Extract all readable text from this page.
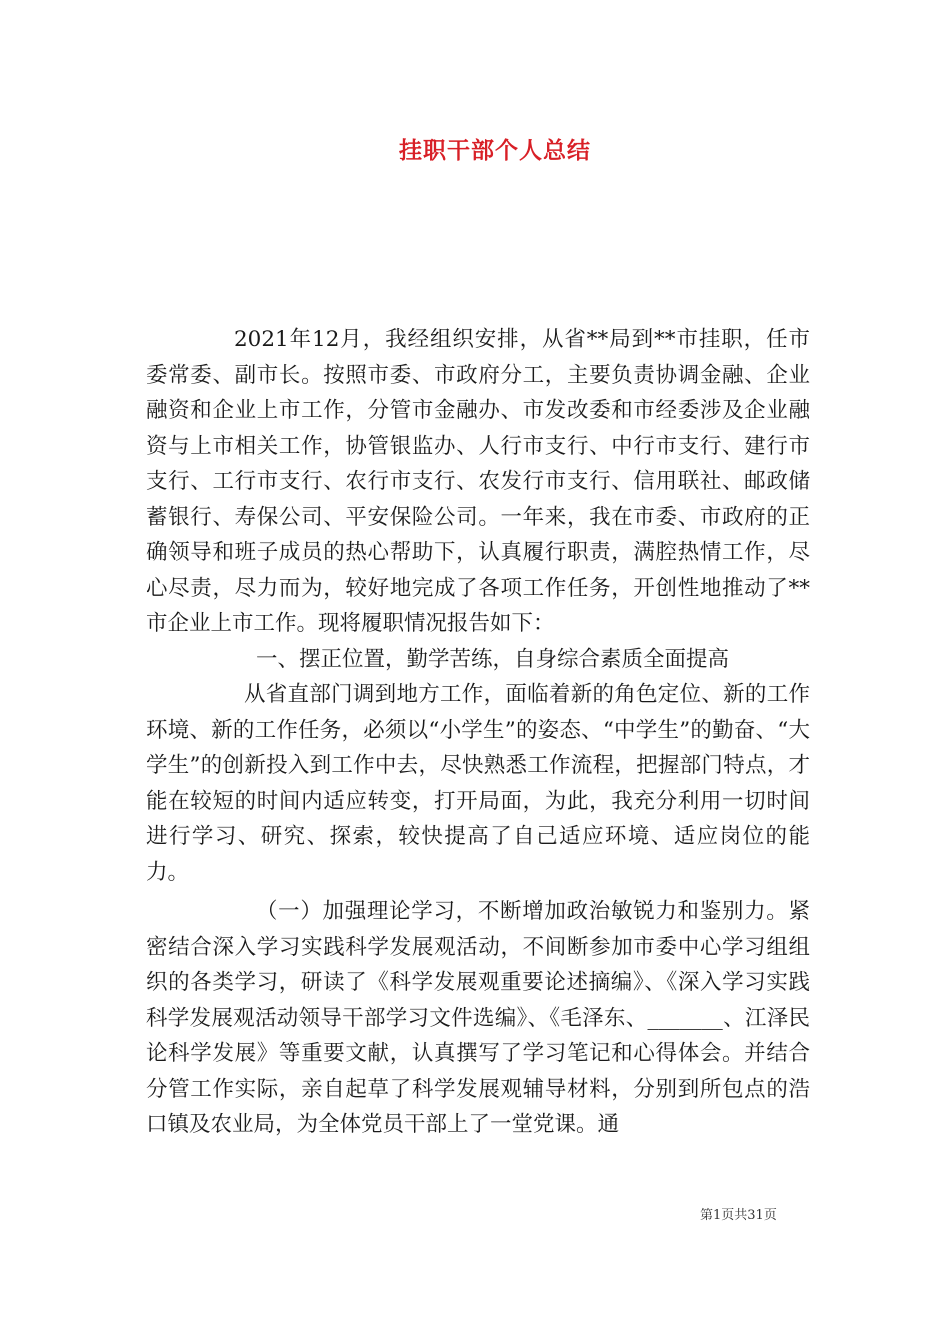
挂职干部个人总结

2021年12月，我经组织安排，从省**局到**市挂职，任市委常委、副市长。按照市委、市政府分工，主要负责协调金融、企业融资和企业上市工作，分管市金融办、市发改委和市经委涉及企业融资与上市相关工作，协管银监办、人行市支行、中行市支行、建行市支行、工行市支行、农行市支行、农发行市支行、信用联社、邮政储蓄银行、寿保公司、平安保险公司。一年来，我在市委、市政府的正确领导和班子成员的热心帮助下，认真履行职责，满腔热情工作，尽心尽责，尽力而为，较好地完成了各项工作任务，开创性地推动了**市企业上市工作。现将履职情况报告如下：

一、摆正位置，勤学苦练，自身综合素质全面提高

从省直部门调到地方工作，面临着新的角色定位、新的工作环境、新的工作任务，必须以“小学生”的姿态、“中学生”的勤奋、“大学生”的创新投入到工作中去，尽快熟悉工作流程，把握部门特点，才能在较短的时间内适应转变，打开局面，为此，我充分利用一切时间进行学习、研究、探索，较快提高了自己适应环境、适应岗位的能力。

（一）加强理论学习，不断增加政治敏锐力和鉴别力。紧密结合深入学习实践科学发展观活动，不间断参加市委中心学习组组织的各类学习，研读了《科学发展观重要论述摘编》、《深入学习实践科学发展观活动领导干部学习文件选编》、《毛泽东、_______、江泽民论科学发展》等重要文献，认真撰写了学习笔记和心得体会。并结合分管工作实际，亲自起草了科学发展观辅导材料，分别到所包点的浩口镇及农业局，为全体党员干部上了一堂党课。通

第1页共31页
